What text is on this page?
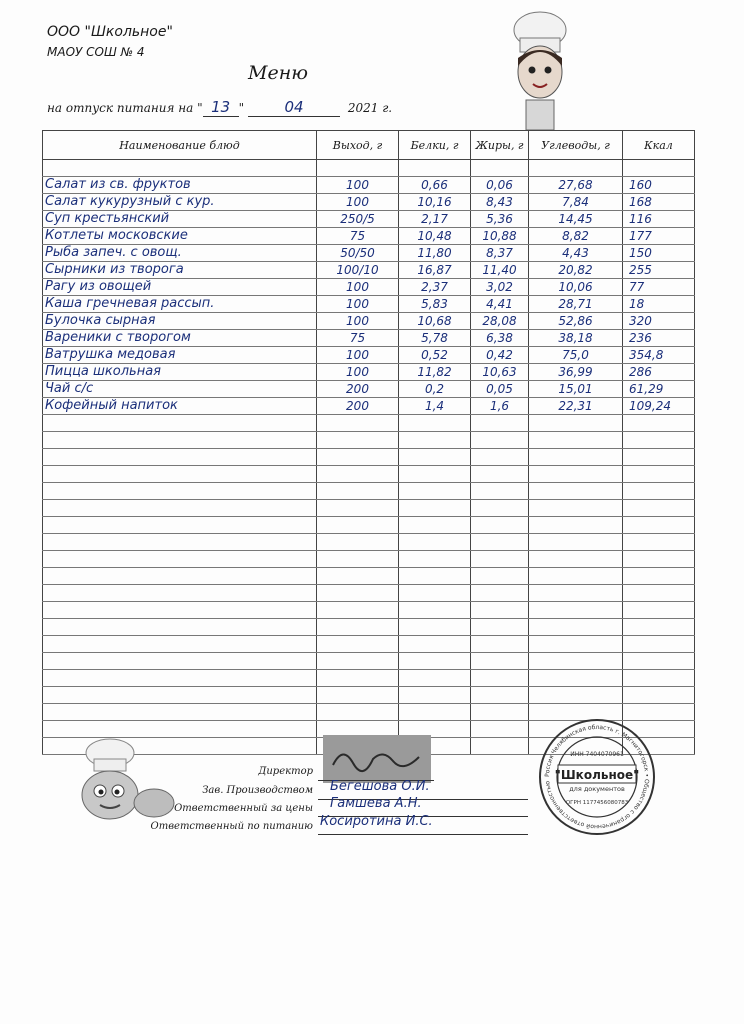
ООО "Школьное"
МАОУ СОШ № 4
Меню
на отпуск питания на " 13 "	04	2021 г.
Наименование блюд	Выход, г	Белки, г	Жиры, г	Углеводы, г	Ккал

Салат из св. фруктов	100	0,66	0,06	27,68	160
Салат кукурузный с кур.	100	10,16	8,43	7,84	168
Суп крестьянский	250/5	2,17	5,36	14,45	116
Котлеты московские	75	10,48	10,88	8,82	177
Рыба запеч. с овощ.	50/50	11,80	8,37	4,43	150
Сырники из творога	100/10	16,87	11,40	20,82	255
Рагу из овощей	100	2,37	3,02	10,06	77
Каша гречневая рассып.	100	5,83	4,41	28,71	18
Булочка сырная	100	10,68	28,08	52,86	320
Вареники с творогом	75	5,78	6,38	38,18	236
Ватрушка медовая	100	0,52	0,42	75,0	354,8
Пицца школьная	100	11,82	10,63	36,99	286
Чай с/с	200	0,2	0,05	15,01	61,29
Кофейный напиток	200	1,4	1,6	22,31	109,24

Директор
Зав. Производством Бегешова О.И.
Ответственный за цены Гамшева А.Н.
Ответственный по питанию Косиротина И.С.
Россия Челябинская область г. Магнитогорск • Общество с ограниченной ответственностью
ИНН 7404070961
"Школьное"
для документов
ОГРН 1177456080783
